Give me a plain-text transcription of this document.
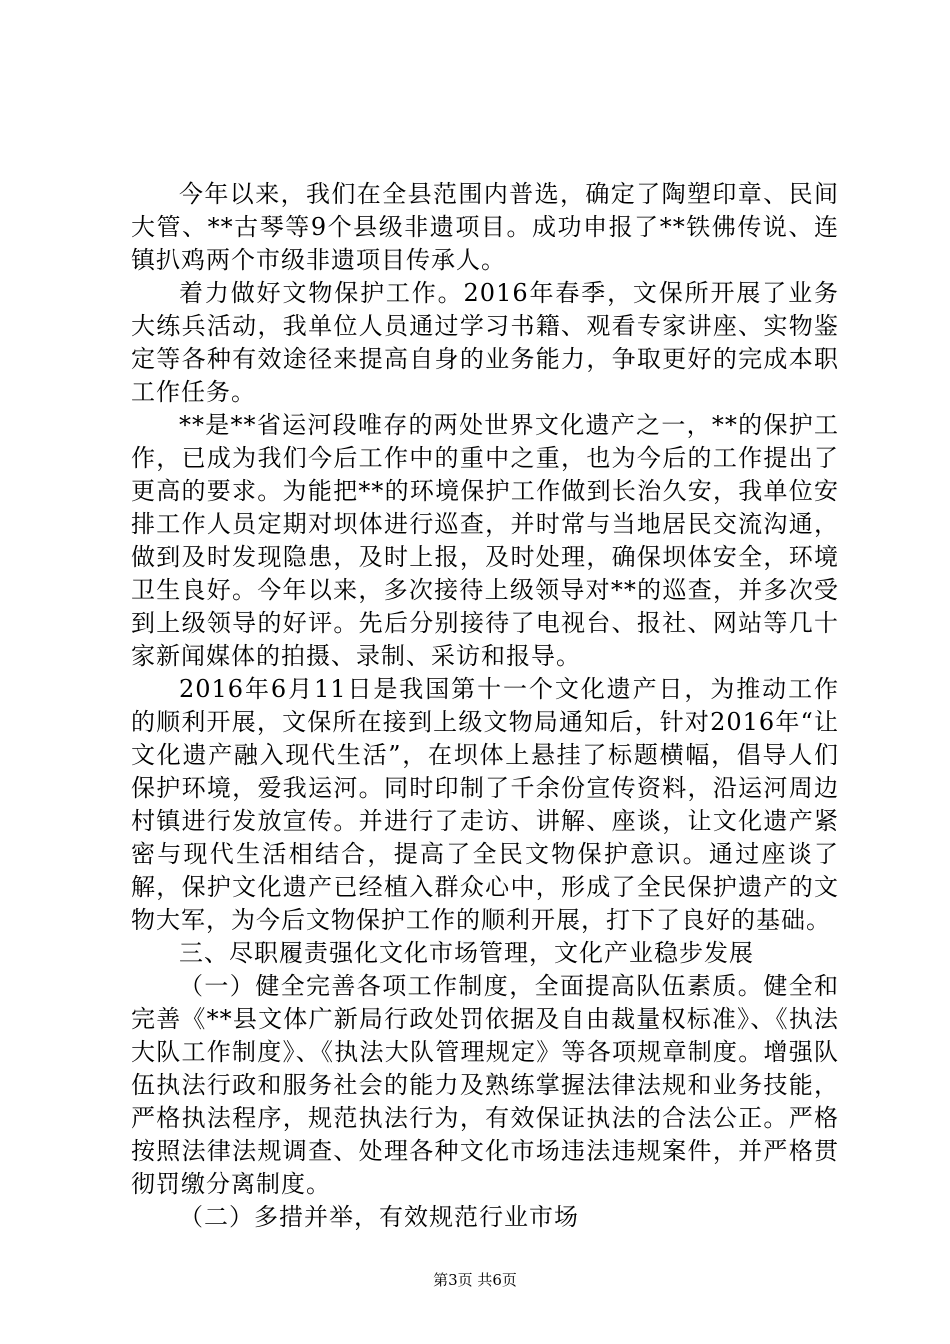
今年以来，我们在全县范围内普选，确定了陶塑印章、民间大管、**古琴等9个县级非遗项目。成功申报了**铁佛传说、连镇扒鸡两个市级非遗项目传承人。

着力做好文物保护工作。2016年春季，文保所开展了业务大练兵活动，我单位人员通过学习书籍、观看专家讲座、实物鉴定等各种有效途径来提高自身的业务能力，争取更好的完成本职工作任务。

**是**省运河段唯存的两处世界文化遗产之一，**的保护工作，已成为我们今后工作中的重中之重，也为今后的工作提出了更高的要求。为能把**的环境保护工作做到长治久安，我单位安排工作人员定期对坝体进行巡查，并时常与当地居民交流沟通，做到及时发现隐患，及时上报，及时处理，确保坝体安全，环境卫生良好。今年以来，多次接待上级领导对**的巡查，并多次受到上级领导的好评。先后分别接待了电视台、报社、网站等几十家新闻媒体的拍摄、录制、采访和报导。

2016年6月11日是我国第十一个文化遗产日，为推动工作的顺利开展，文保所在接到上级文物局通知后，针对2016年“让文化遗产融入现代生活”，在坝体上悬挂了标题横幅，倡导人们保护环境，爱我运河。同时印制了千余份宣传资料，沿运河周边村镇进行发放宣传。并进行了走访、讲解、座谈，让文化遗产紧密与现代生活相结合，提高了全民文物保护意识。通过座谈了解，保护文化遗产已经植入群众心中，形成了全民保护遗产的文物大军，为今后文物保护工作的顺利开展，打下了良好的基础。

三、尽职履责强化文化市场管理，文化产业稳步发展

（一）健全完善各项工作制度，全面提高队伍素质。健全和完善《**县文体广新局行政处罚依据及自由裁量权标准》、《执法大队工作制度》、《执法大队管理规定》等各项规章制度。增强队伍执法行政和服务社会的能力及熟练掌握法律法规和业务技能，严格执法程序，规范执法行为，有效保证执法的合法公正。严格按照法律法规调查、处理各种文化市场违法违规案件，并严格贯彻罚缴分离制度。

（二）多措并举，有效规范行业市场

第3页 共6页
